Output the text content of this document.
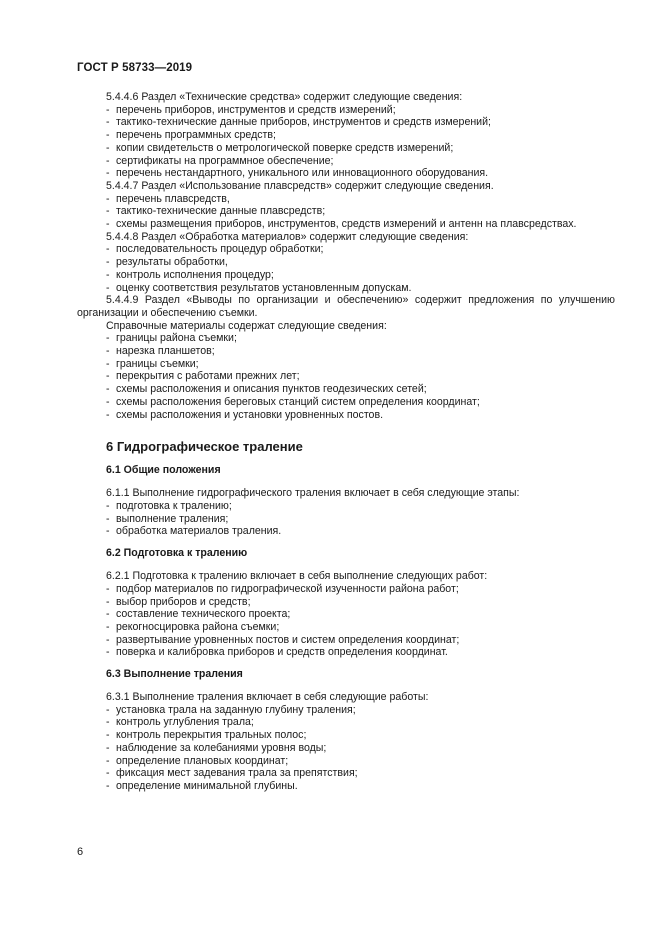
ГОСТ Р 58733—2019

5.4.4.6 Раздел «Технические средства» содержит следующие сведения:

- перечень приборов, инструментов и средств измерений;

- тактико-технические данные приборов, инструментов и средств измерений;

- перечень программных средств;

- копии свидетельств о метрологической поверке средств измерений;

- сертификаты на программное обеспечение;

- перечень нестандартного, уникального или инновационного оборудования.

5.4.4.7 Раздел «Использование плавсредств» содержит следующие сведения.

- перечень плавсредств,

- тактико-технические данные плавсредств;

- схемы размещения приборов, инструментов, средств измерений и антенн на плавсредствах.

5.4.4.8 Раздел «Обработка материалов» содержит следующие сведения:

- последовательность процедур обработки;

- результаты обработки,

- контроль исполнения процедур;

- оценку соответствия результатов установленным допускам.

5.4.4.9 Раздел «Выводы по организации и обеспечению» содержит предложения по улучшению организации и обеспечению съемки.

Справочные материалы содержат следующие сведения:

- границы района съемки;

- нарезка планшетов;

- границы съемки;

- перекрытия с работами прежних лет;

- схемы расположения и описания пунктов геодезических сетей;

- схемы расположения береговых станций систем определения координат;

- схемы расположения и установки уровненных постов.

6 Гидрографическое траление
6.1 Общие положения

6.1.1 Выполнение гидрографического траления включает в себя следующие этапы:

- подготовка к тралению;

- выполнение траления;

- обработка материалов траления.

6.2 Подготовка к тралению

6.2.1 Подготовка к тралению включает в себя выполнение следующих работ:

- подбор материалов по гидрографической изученности района работ;

- выбор приборов и средств;

- составление технического проекта;

- рекогносцировка района съемки;

- развертывание уровненных постов и систем определения координат;

- поверка и калибровка приборов и средств определения координат.

6.3 Выполнение траления

6.3.1 Выполнение траления включает в себя следующие работы:

- установка трала на заданную глубину траления;

- контроль углубления трала;

- контроль перекрытия тральных полос;

- наблюдение за колебаниями уровня воды;

- определение плановых координат;

- фиксация мест задевания трала за препятствия;

- определение минимальной глубины.

6
